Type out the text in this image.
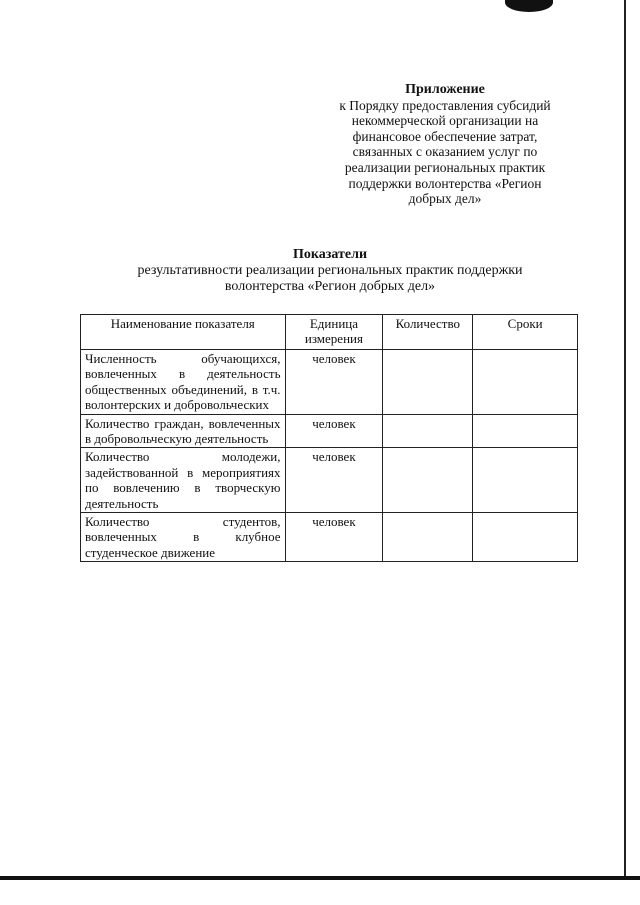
Приложение
к Порядку предоставления субсидий
некоммерческой организации на
финансовое обеспечение затрат,
связанных с оказанием услуг по
реализации региональных практик
поддержки волонтерства «Регион
добрых дел»
Показатели
результативности реализации региональных практик поддержки
волонтерства «Регион добрых дел»
Наименование показателя	Единица измерения	Количество	Сроки
Численность обучающихся, вовлеченных в деятельность общественных объединений, в т.ч. волонтерских и добровольческих	человек		
Количество граждан, вовлеченных в добровольческую деятельность	человек		
Количество молодежи, задействованной в мероприятиях по вовлечению в творческую деятельность	человек		
Количество студентов, вовлеченных в клубное студенческое движение	человек		
